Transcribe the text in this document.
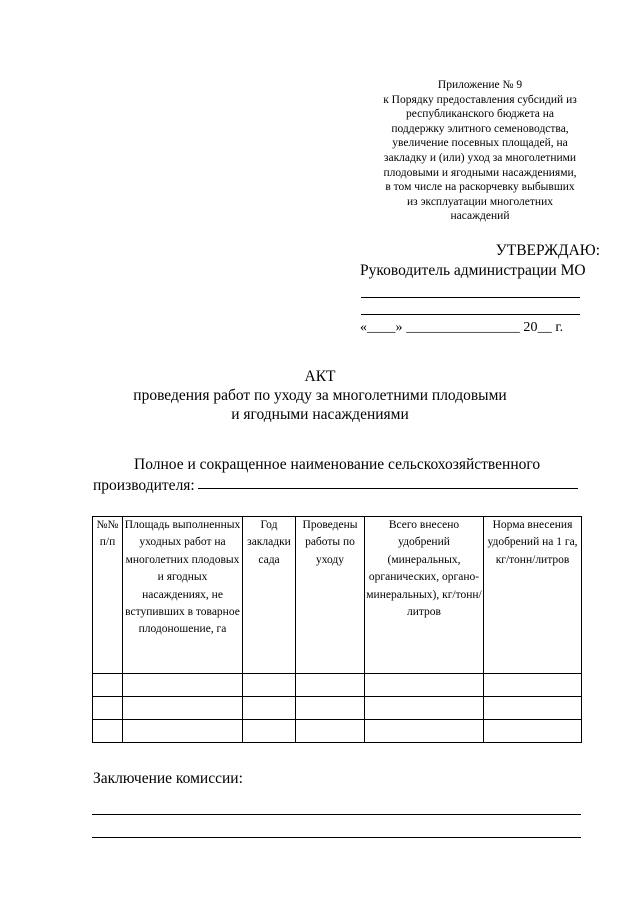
Приложение № 9
к Порядку предоставления субсидий из
республиканского бюджета на
поддержку элитного семеноводства,
увеличение посевных площадей, на
закладку и (или) уход за многолетними
плодовыми и ягодными насаждениями,
в том числе на раскорчевку выбывших
из эксплуатации многолетних
насаждений
УТВЕРЖДАЮ:
Руководитель администрации МО
«____» ________________ 20__ г.
АКТ
проведения работ по уходу за многолетними плодовыми
и ягодными насаждениями
Полное и сокращенное наименование сельскохозяйственного
производителя:
№№ п/п	Площадь выполненных уходных работ на многолетних плодовых и ягодных насаждениях, не вступивших в товарное плодоношение, га	Год закладки сада	Проведены работы по уходу	Всего внесено удобрений (минеральных, органических, органо-минеральных), кг/тонн/литров	Норма внесения удобрений на 1 га, кг/тонн/литров

Заключение комиссии:
